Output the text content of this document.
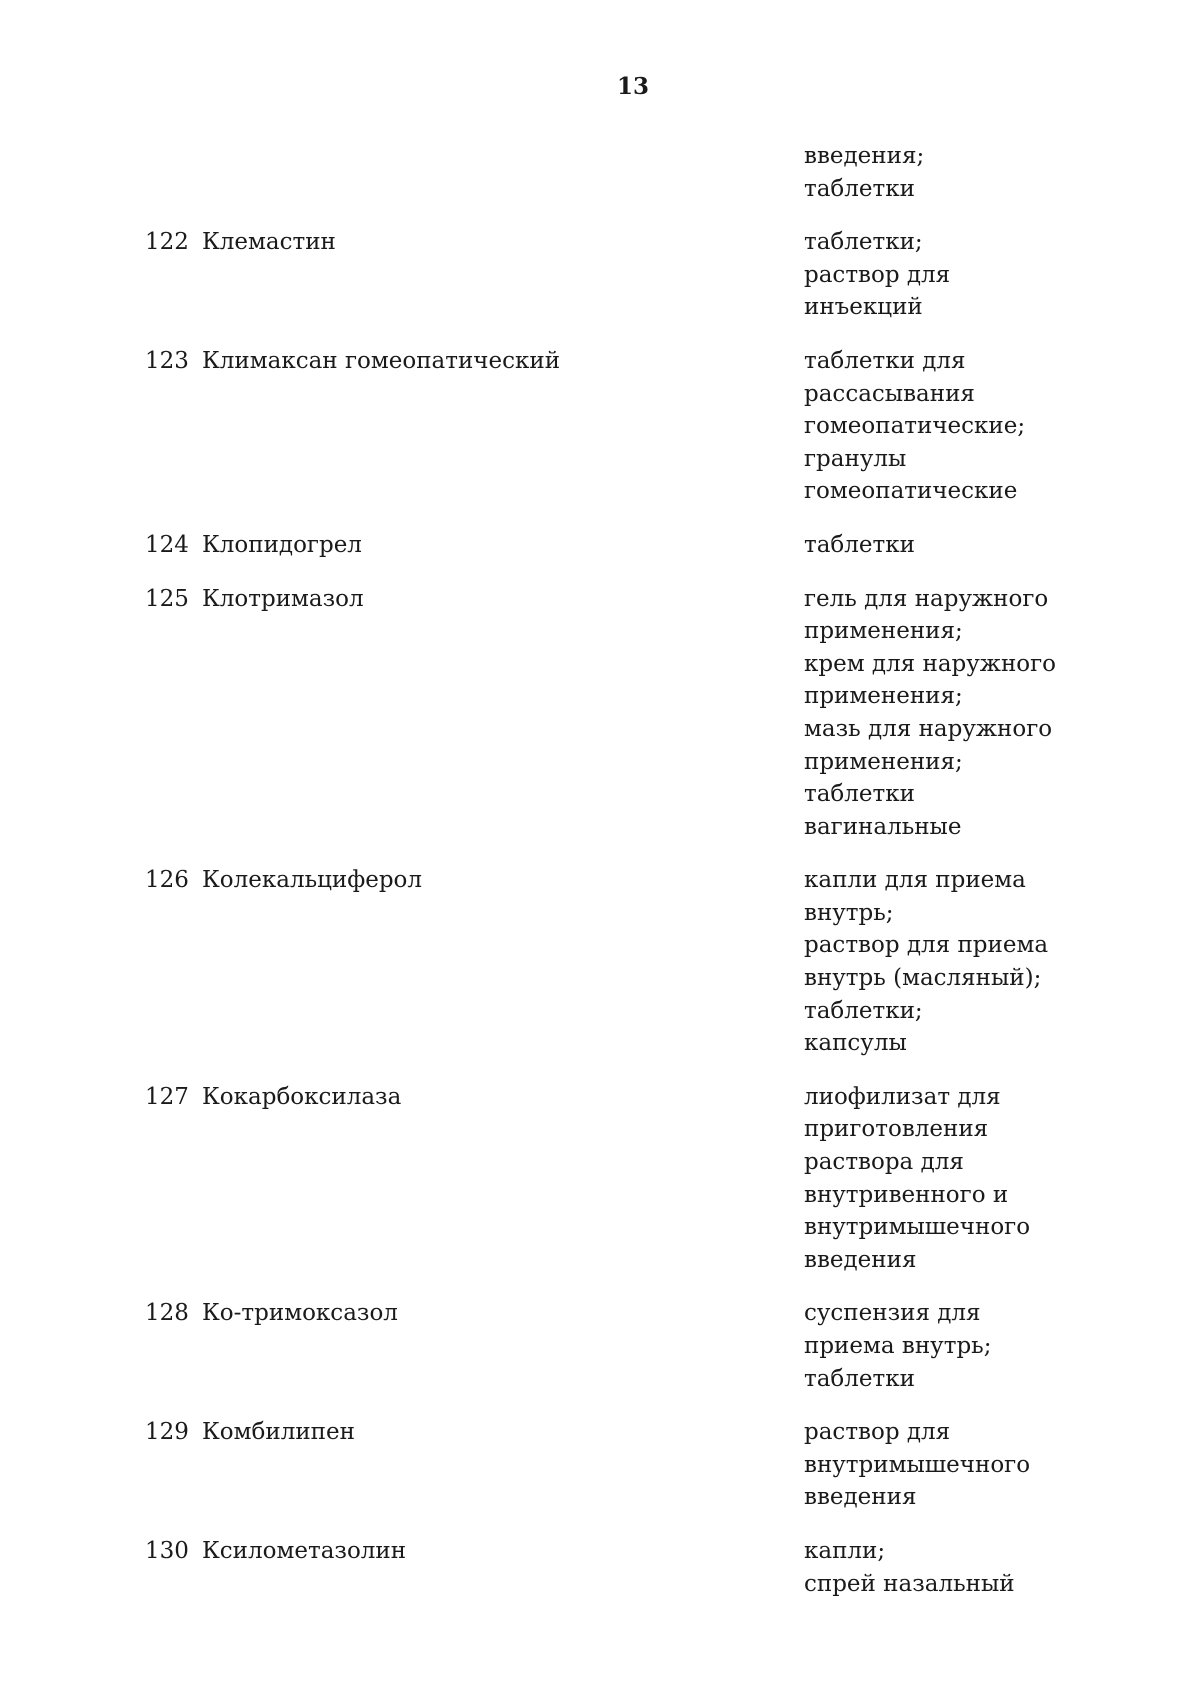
13
введения;
таблетки
122 Клемастин	таблетки;
раствор для
инъекций
123 Климаксан гомеопатический	таблетки для
рассасывания
гомеопатические;
гранулы
гомеопатические
124 Клопидогрел	таблетки
125 Клотримазол	гель для наружного
применения;
крем для наружного
применения;
мазь для наружного
применения;
таблетки
вагинальные
126 Колекальциферол	капли для приема
внутрь;
раствор для приема
внутрь (масляный);
таблетки;
капсулы
127 Кокарбоксилаза	лиофилизат для
приготовления
раствора для
внутривенного и
внутримышечного
введения
128 Ко-тримоксазол	суспензия для
приема внутрь;
таблетки
129 Комбилипен	раствор для
внутримышечного
введения
130 Ксилометазолин	капли;
спрей назальный
